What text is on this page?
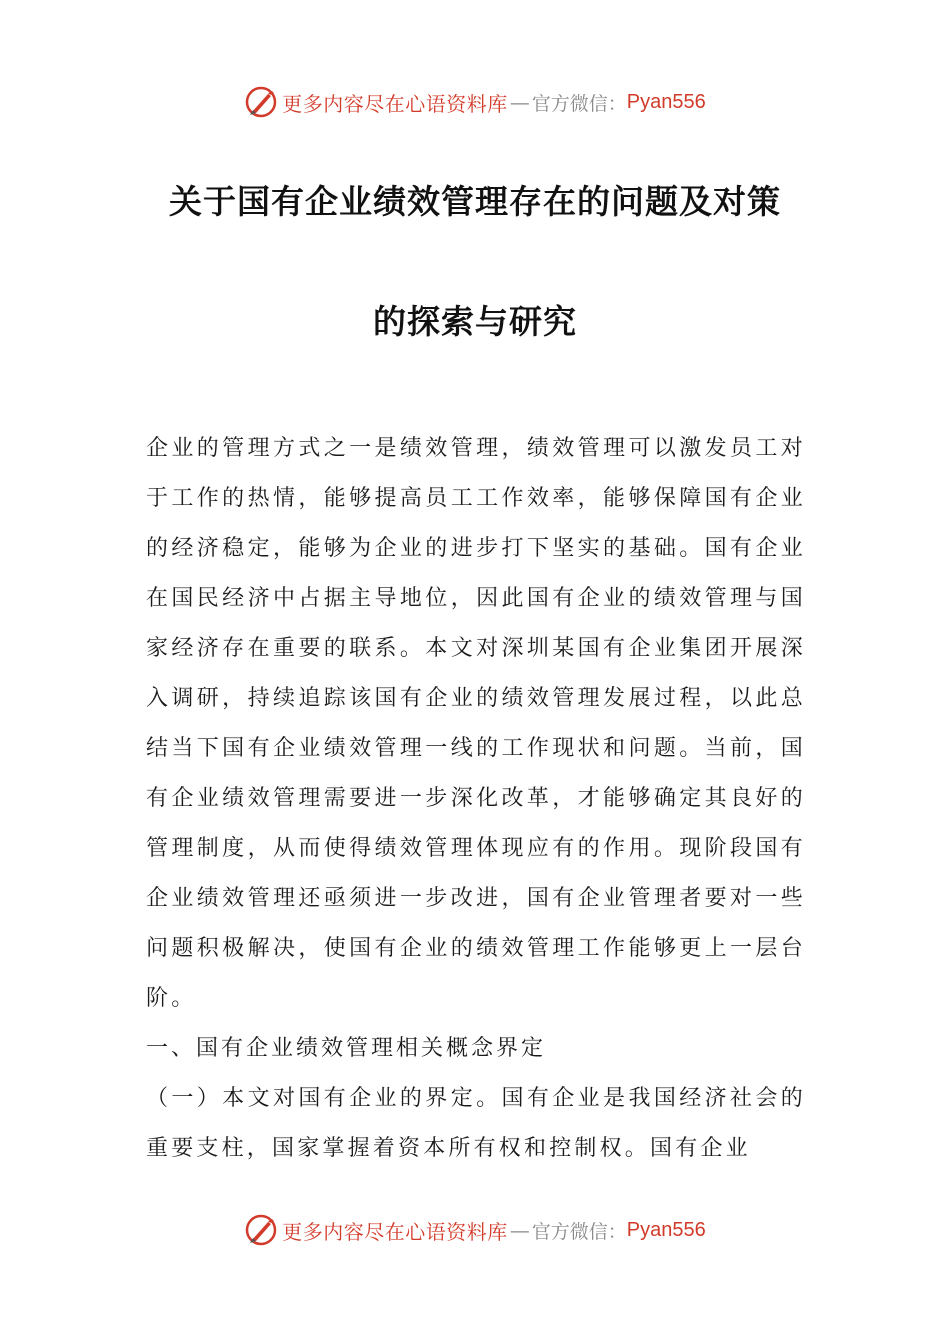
更多内容尽在心语资料库 — 官方微信： Pyan556
关于国有企业绩效管理存在的问题及对策
的探索与研究

企业的管理方式之一是绩效管理，绩效管理可以激发员工对于工作的热情，能够提高员工工作效率，能够保障国有企业的经济稳定，能够为企业的进步打下坚实的基础。国有企业在国民经济中占据主导地位，因此国有企业的绩效管理与国家经济存在重要的联系。本文对深圳某国有企业集团开展深入调研，持续追踪该国有企业的绩效管理发展过程，以此总结当下国有企业绩效管理一线的工作现状和问题。当前，国有企业绩效管理需要进一步深化改革，才能够确定其良好的管理制度，从而使得绩效管理体现应有的作用。现阶段国有企业绩效管理还亟须进一步改进，国有企业管理者要对一些问题积极解决，使国有企业的绩效管理工作能够更上一层台阶。

一、国有企业绩效管理相关概念界定

（一）本文对国有企业的界定。国有企业是我国经济社会的重要支柱，国家掌握着资本所有权和控制权。国有企业

更多内容尽在心语资料库 — 官方微信： Pyan556
